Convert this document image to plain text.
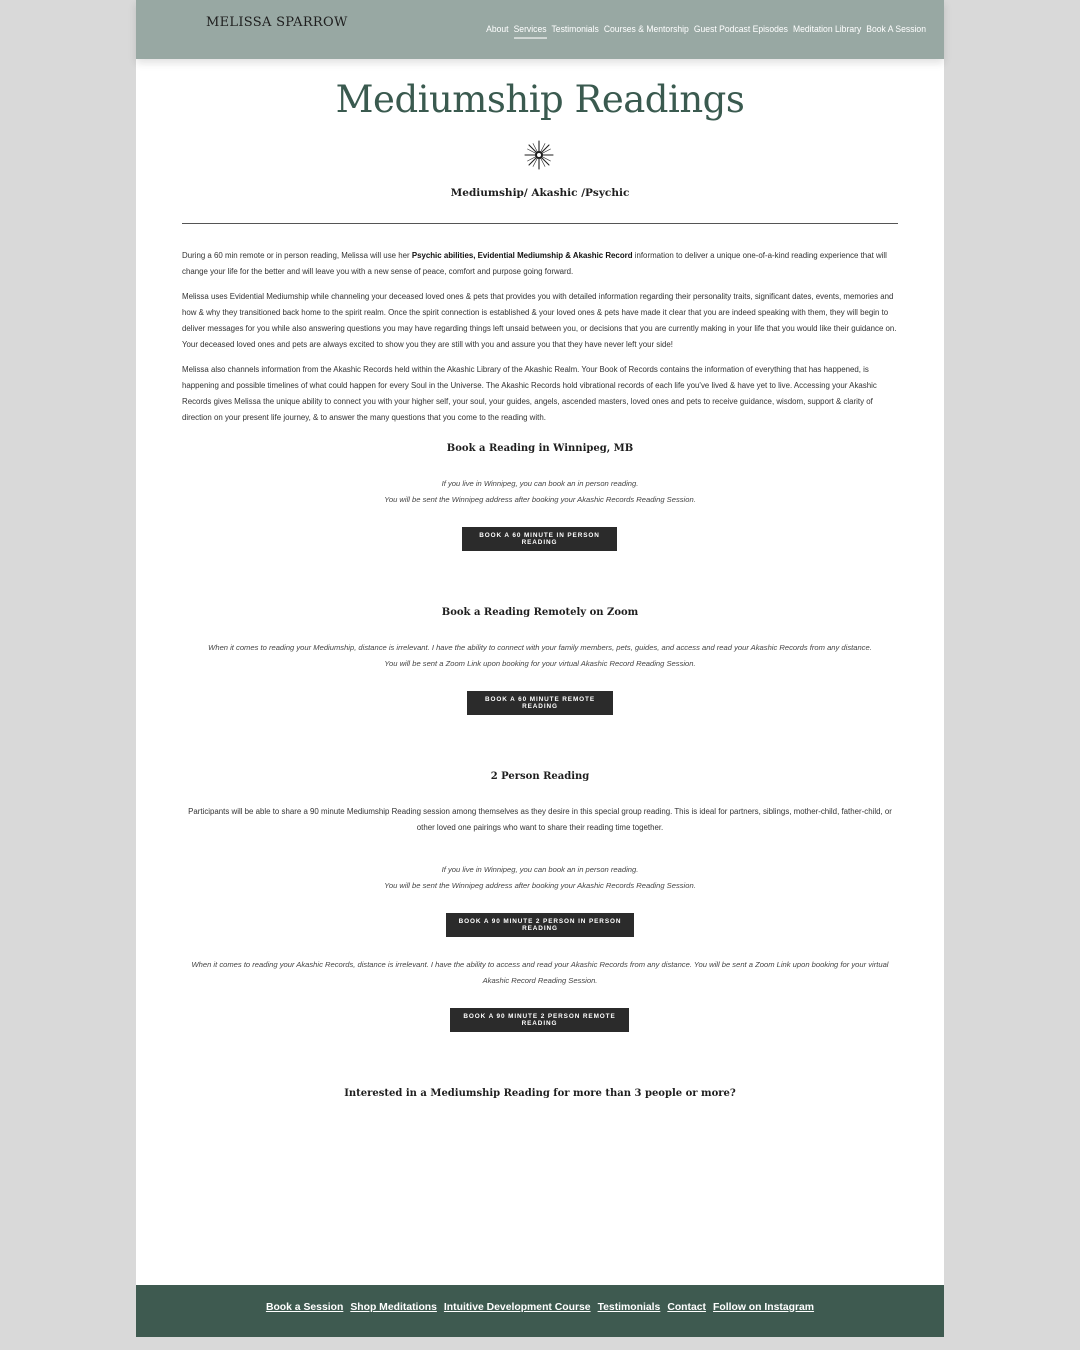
MELISSA SPARROW	About Services Testimonials Courses & Mentorship Guest Podcast Episodes Meditation Library Book A Session
Mediumship Readings
Mediumship/ Akashic /Psychic

During a 60 min remote or in person reading, Melissa will use her Psychic abilities, Evidential Mediumship & Akashic Record information to deliver a unique one-of-a-kind reading experience that will change your life for the better and will leave you with a new sense of peace, comfort and purpose going forward.

Melissa uses Evidential Mediumship while channeling your deceased loved ones & pets that provides you with detailed information regarding their personality traits, significant dates, events, memories and how & why they transitioned back home to the spirit realm. Once the spirit connection is established & your loved ones & pets have made it clear that you are indeed speaking with them, they will begin to deliver messages for you while also answering questions you may have regarding things left unsaid between you, or decisions that you are currently making in your life that you would like their guidance on. Your deceased loved ones and pets are always excited to show you they are still with you and assure you that they have never left your side!

Melissa also channels information from the Akashic Records held within the Akashic Library of the Akashic Realm. Your Book of Records contains the information of everything that has happened, is happening and possible timelines of what could happen for every Soul in the Universe. The Akashic Records hold vibrational records of each life you've lived & have yet to live. Accessing your Akashic Records gives Melissa the unique ability to connect you with your higher self, your soul, your guides, angels, ascended masters, loved ones and pets to receive guidance, wisdom, support & clarity of direction on your present life journey, & to answer the many questions that you come to the reading with.

Book a Reading in Winnipeg, MB

If you live in Winnipeg, you can book an in person reading.

You will be sent the Winnipeg address after booking your Akashic Records Reading Session.

BOOK A 60 MINUTE IN PERSON READING
Book a Reading Remotely on Zoom

When it comes to reading your Mediumship, distance is irrelevant. I have the ability to connect with your family members, pets, guides, and access and read your Akashic Records from any distance.

You will be sent a Zoom Link upon booking for your virtual Akashic Record Reading Session.

BOOK A 60 MINUTE REMOTE READING
2 Person Reading

Participants will be able to share a 90 minute Mediumship Reading session among themselves as they desire in this special group reading. This is ideal for partners, siblings, mother-child, father-child, or other loved one pairings who want to share their reading time together.

If you live in Winnipeg, you can book an in person reading.

You will be sent the Winnipeg address after booking your Akashic Records Reading Session.

BOOK A 90 MINUTE 2 PERSON IN PERSON READING

When it comes to reading your Akashic Records, distance is irrelevant. I have the ability to access and read your Akashic Records from any distance. You will be sent a Zoom Link upon booking for your virtual Akashic Record Reading Session.

BOOK A 90 MINUTE 2 PERSON REMOTE READING
Interested in a Mediumship Reading for more than 3 people or more?
Book a Session Shop Meditations Intuitive Development Course Testimonials Contact Follow on Instagram
